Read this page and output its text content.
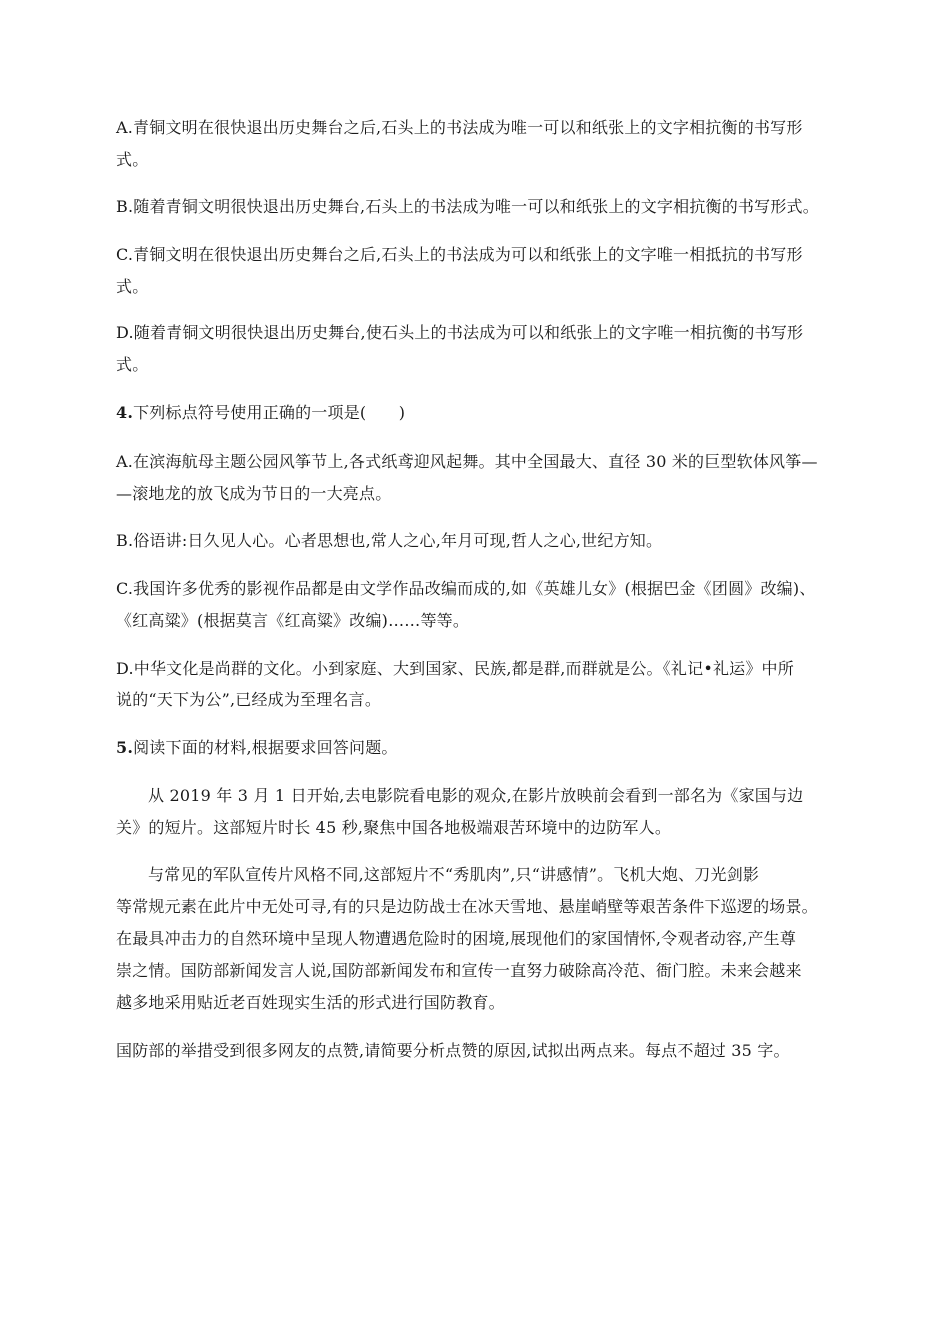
A.青铜文明在很快退出历史舞台之后,石头上的书法成为唯一可以和纸张上的文字相抗衡的书写形
式。
B.随着青铜文明很快退出历史舞台,石头上的书法成为唯一可以和纸张上的文字相抗衡的书写形式。
C.青铜文明在很快退出历史舞台之后,石头上的书法成为可以和纸张上的文字唯一相抵抗的书写形
式。
D.随着青铜文明很快退出历史舞台,使石头上的书法成为可以和纸张上的文字唯一相抗衡的书写形
式。
4.下列标点符号使用正确的一项是(　　)
A.在滨海航母主题公园风筝节上,各式纸鸢迎风起舞。其中全国最大、直径 30 米的巨型软体风筝—
—滚地龙的放飞成为节日的一大亮点。
B.俗语讲:日久见人心。心者思想也,常人之心,年月可现,哲人之心,世纪方知。
C.我国许多优秀的影视作品都是由文学作品改编而成的,如《英雄儿女》(根据巴金《团圆》改编)、
《红高粱》(根据莫言《红高粱》改编)……等等。
D.中华文化是尚群的文化。小到家庭、大到国家、民族,都是群,而群就是公。《礼记•礼运》中所
说的“天下为公”,已经成为至理名言。
5.阅读下面的材料,根据要求回答问题。
从 2019 年 3 月 1 日开始,去电影院看电影的观众,在影片放映前会看到一部名为《家国与边
关》的短片。这部短片时长 45 秒,聚焦中国各地极端艰苦环境中的边防军人。
与常见的军队宣传片风格不同,这部短片不“秀肌肉”,只“讲感情”。飞机大炮、刀光剑影
等常规元素在此片中无处可寻,有的只是边防战士在冰天雪地、悬崖峭壁等艰苦条件下巡逻的场景。
在最具冲击力的自然环境中呈现人物遭遇危险时的困境,展现他们的家国情怀,令观者动容,产生尊
崇之情。国防部新闻发言人说,国防部新闻发布和宣传一直努力破除高冷范、衙门腔。未来会越来
越多地采用贴近老百姓现实生活的形式进行国防教育。
国防部的举措受到很多网友的点赞,请简要分析点赞的原因,试拟出两点来。每点不超过 35 字。
